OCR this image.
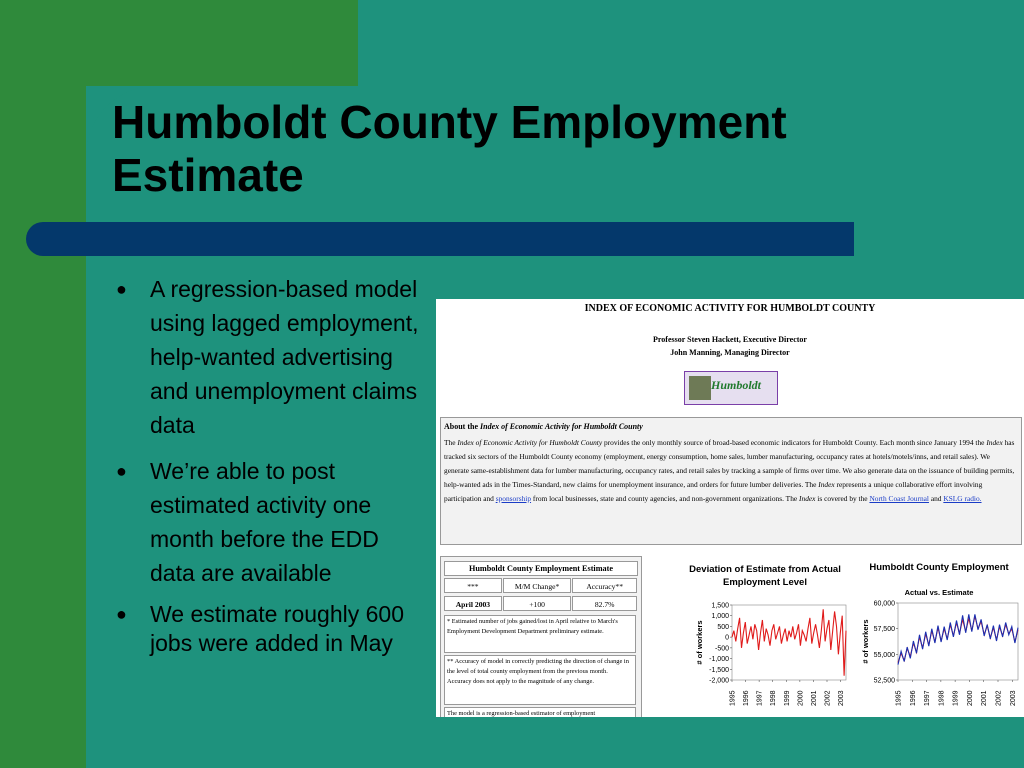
Humboldt County Employment Estimate
● A regression-based model using lagged employment, help-wanted advertising and unemployment claims data
● We’re able to post estimated activity one month before the EDD data are available
● We estimate roughly 600 jobs were added in May
INDEX OF ECONOMIC ACTIVITY FOR HUMBOLDT COUNTY
Professor Steven Hackett, Executive Director
John Manning, Managing Director
Humboldt
About the Index of Economic Activity for Humboldt County
The Index of Economic Activity for Humboldt County provides the only monthly source of broad-based economic indicators for Humboldt County. Each month since January 1994 the Index has tracked six sectors of the Humboldt County economy (employment, energy consumption, home sales, lumber manufacturing, occupancy rates at hotels/motels/inns, and retail sales). We generate same-establishment data for lumber manufacturing, occupancy rates, and retail sales by tracking a sample of firms over time. We also generate data on the issuance of building permits, help-wanted ads in the Times-Standard, new claims for unemployment insurance, and orders for future lumber deliveries. The Index represents a unique collaborative effort involving participation and sponsorship from local businesses, state and county agencies, and non-government organizations. The Index is covered by the North Coast Journal and KSLG radio.
Humboldt County Employment Estimate
***	M/M Change*	Accuracy**
April 2003	+100	82.7%
* Estimated number of jobs gained/lost in April relative to March's Employment Development Department preliminary estimate.
** Accuracy of model in correctly predicting the direction of change in the level of total county employment from the previous month. Accuracy does not apply to the magnitude of any change.
The model is a regression-based estimator of employment
Deviation of Estimate from Actual Employment Level
1,500
1,000
500
0
-500
-1,000
-1,500
-2,000
1995 1996 1997 1998 1999 2000 2001 2002 2003
# of workers
Humboldt County Employment
Actual vs. Estimate
60,000
57,500
55,000
52,500
1995 1996 1997 1998 1999 2000 2001 2002 2003
# of workers
